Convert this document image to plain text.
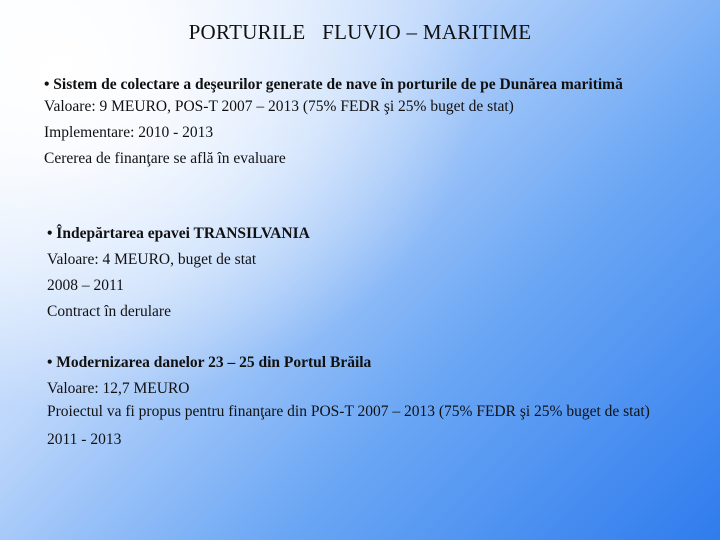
PORTURILE   FLUVIO – MARITIME

• Sistem de colectare a deşeurilor generate de nave în porturile de pe Dunărea maritimă

Valoare: 9 MEURO, POS-T 2007 – 2013 (75% FEDR şi 25% buget de stat)

Implementare: 2010 - 2013

Cererea de finanţare se află în evaluare

• Îndepărtarea epavei TRANSILVANIA

Valoare: 4 MEURO, buget de stat

2008 – 2011

Contract în derulare

• Modernizarea danelor 23 – 25 din Portul Brăila

Valoare: 12,7 MEURO

Proiectul va fi propus pentru finanţare din POS-T 2007 – 2013 (75% FEDR şi 25% buget de stat)

2011 - 2013
